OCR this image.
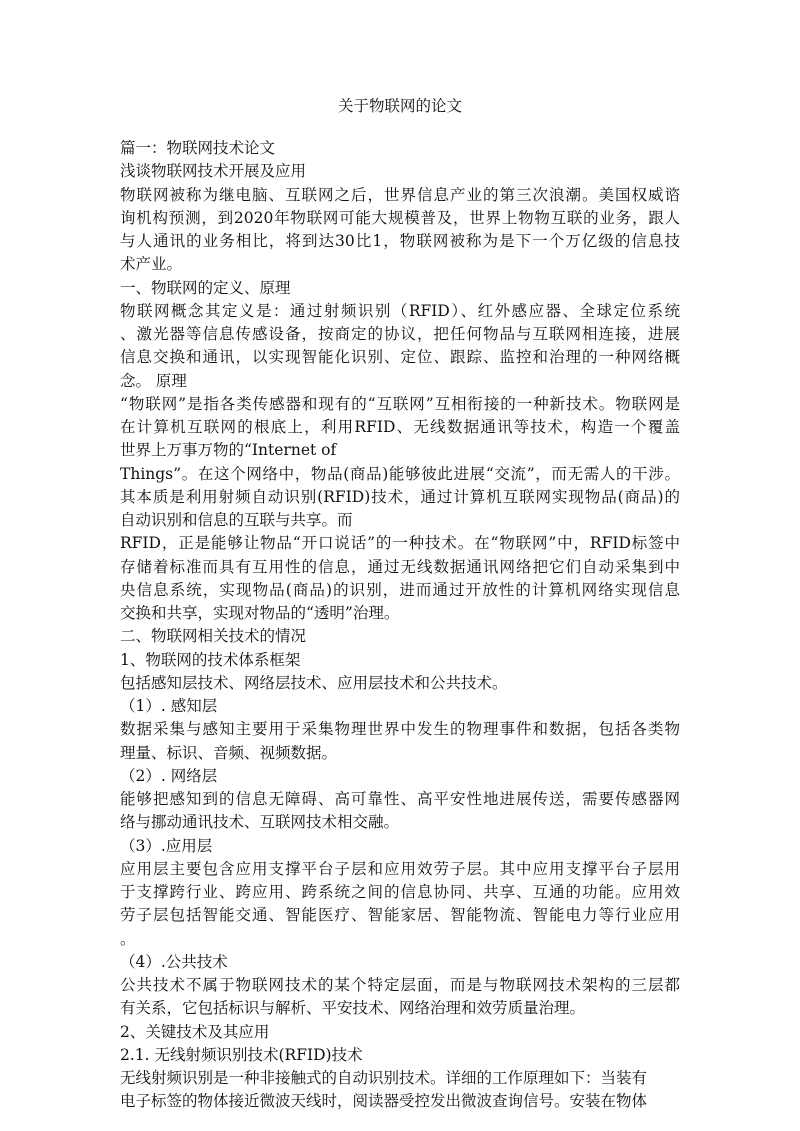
关于物联网的论文
篇一：物联网技术论文
浅谈物联网技术开展及应用
物联网被称为继电脑、互联网之后，世界信息产业的第三次浪潮。美国权威谘
询机构预测，到2020年物联网可能大规模普及，世界上物物互联的业务，跟人
与人通讯的业务相比，将到达30比1，物联网被称为是下一个万亿级的信息技
术产业。
一、物联网的定义、原理
物联网概念其定义是：通过射频识别（RFID）、红外感应器、全球定位系统
、激光器等信息传感设备，按商定的协议，把任何物品与互联网相连接，进展
信息交换和通讯，以实现智能化识别、定位、跟踪、监控和治理的一种网络概
念。 原理
“物联网”是指各类传感器和现有的“互联网”互相衔接的一种新技术。物联网是
在计算机互联网的根底上，利用RFID、无线数据通讯等技术，构造一个覆盖
世界上万事万物的“Internet of
Things”。在这个网络中，物品(商品)能够彼此进展“交流”，而无需人的干涉。
其本质是利用射频自动识别(RFID)技术，通过计算机互联网实现物品(商品)的
自动识别和信息的互联与共享。而
RFID，正是能够让物品“开口说话”的一种技术。在“物联网”中，RFID标签中
存储着标准而具有互用性的信息，通过无线数据通讯网络把它们自动采集到中
央信息系统，实现物品(商品)的识别，进而通过开放性的计算机网络实现信息
交换和共享，实现对物品的“透明”治理。
二、物联网相关技术的情况
1、物联网的技术体系框架
包括感知层技术、网络层技术、应用层技术和公共技术。
（1）. 感知层
数据采集与感知主要用于采集物理世界中发生的物理事件和数据，包括各类物
理量、标识、音频、视频数据。
（2）. 网络层
能够把感知到的信息无障碍、高可靠性、高平安性地进展传送，需要传感器网
络与挪动通讯技术、互联网技术相交融。
（3）.应用层
应用层主要包含应用支撑平台子层和应用效劳子层。其中应用支撑平台子层用
于支撑跨行业、跨应用、跨系统之间的信息协同、共享、互通的功能。应用效
劳子层包括智能交通、智能医疗、智能家居、智能物流、智能电力等行业应用
。
（4）.公共技术
公共技术不属于物联网技术的某个特定层面，而是与物联网技术架构的三层都
有关系，它包括标识与解析、平安技术、网络治理和效劳质量治理。
2、关键技术及其应用
2.1. 无线射频识别技术(RFID)技术
无线射频识别是一种非接触式的自动识别技术。详细的工作原理如下：当装有
电子标签的物体接近微波天线时，阅读器受控发出微波查询信号。安装在物体
